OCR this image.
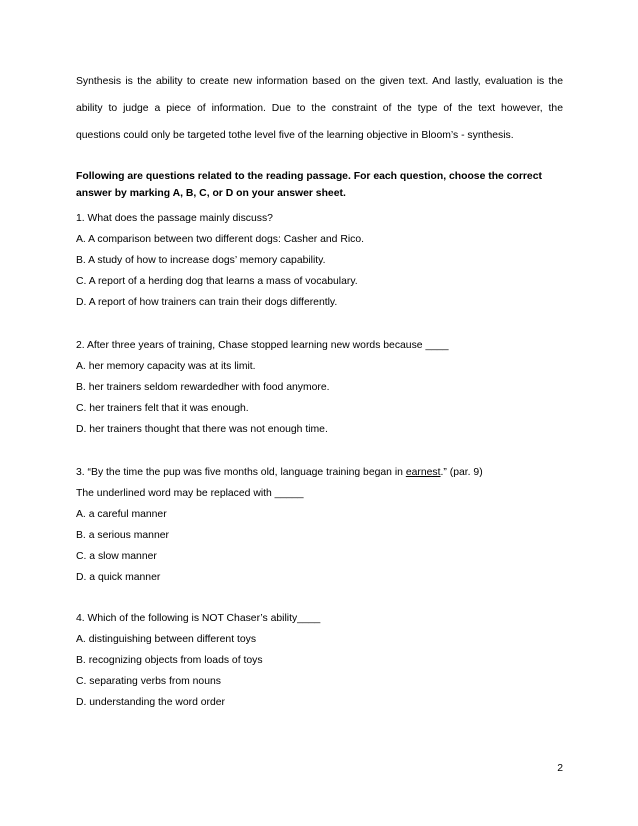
Synthesis is the ability to create new information based on the given text. And lastly, evaluation is the
ability to judge a piece of information. Due to the constraint of the type of the text however, the
questions could only be targeted tothe level five of the learning objective in Bloom’s - synthesis.
Following are questions related to the reading passage. For each question, choose the correct answer by marking A, B, C, or D on your answer sheet.
1. What does the passage mainly discuss?
A. A comparison between two different dogs: Casher and Rico.
B. A study of how to increase dogs’ memory capability.
C. A report of a herding dog that learns a mass of vocabulary.
D. A report of how trainers can train their dogs differently.
2. After three years of training, Chase stopped learning new words because ____
A. her memory capacity was at its limit.
B. her trainers seldom rewardedher with food anymore.
C. her trainers felt that it was enough.
D. her trainers thought that there was not enough time.
3. “By the time the pup was five months old, language training began in earnest.” (par. 9)
The underlined word may be replaced with _____
A. a careful manner
B. a serious manner
C. a slow manner
D. a quick manner
4. Which of the following is NOT Chaser’s ability____
A. distinguishing between different toys
B. recognizing objects from loads of toys
C. separating verbs from nouns
D. understanding the word order
2
